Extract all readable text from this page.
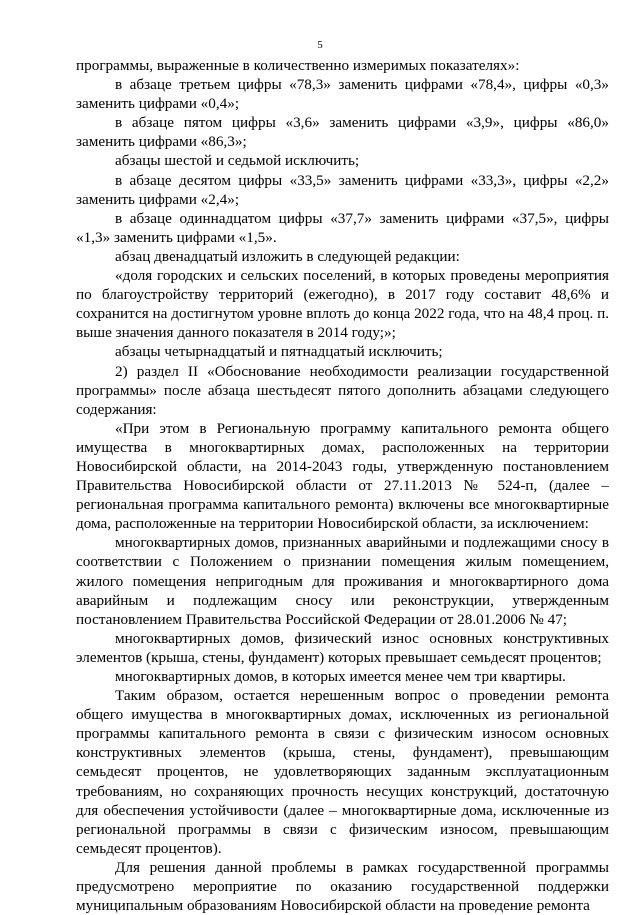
5

программы, выраженные в количественно измеримых показателях»:

в абзаце третьем цифры «78,3» заменить цифрами «78,4», цифры «0,3» заменить цифрами «0,4»;

в абзаце пятом цифры «3,6» заменить цифрами «3,9», цифры «86,0» заменить цифрами «86,3»;

абзацы шестой и седьмой исключить;

в абзаце десятом цифры «33,5» заменить цифрами «33,3», цифры «2,2» заменить цифрами «2,4»;

в абзаце одиннадцатом цифры «37,7» заменить цифрами «37,5», цифры «1,3» заменить цифрами «1,5».

абзац двенадцатый изложить в следующей редакции:

«доля городских и сельских поселений, в которых проведены мероприятия по благоустройству территорий (ежегодно), в 2017 году составит 48,6% и сохранится на достигнутом уровне вплоть до конца 2022 года, что на 48,4 проц. п. выше значения данного показателя в 2014 году;»;

абзацы четырнадцатый и пятнадцатый исключить;

2) раздел II «Обоснование необходимости реализации государственной программы» после абзаца шестьдесят пятого дополнить абзацами следующего содержания:

«При этом в Региональную программу капитального ремонта общего имущества в многоквартирных домах, расположенных на территории Новосибирской области, на 2014-2043 годы, утвержденную постановлением Правительства Новосибирской области от 27.11.2013 № 524-п, (далее – региональная программа капитального ремонта) включены все многоквартирные дома, расположенные на территории Новосибирской области, за исключением:

многоквартирных домов, признанных аварийными и подлежащими сносу в соответствии с Положением о признании помещения жилым помещением, жилого помещения непригодным для проживания и многоквартирного дома аварийным и подлежащим сносу или реконструкции, утвержденным постановлением Правительства Российской Федерации от 28.01.2006 № 47;

многоквартирных домов, физический износ основных конструктивных элементов (крыша, стены, фундамент) которых превышает семьдесят процентов;

многоквартирных домов, в которых имеется менее чем три квартиры.

Таким образом, остается нерешенным вопрос о проведении ремонта общего имущества в многоквартирных домах, исключенных из региональной программы капитального ремонта в связи с физическим износом основных конструктивных элементов (крыша, стены, фундамент), превышающим семьдесят процентов, не удовлетворяющих заданным эксплуатационным требованиям, но сохраняющих прочность несущих конструкций, достаточную для обеспечения устойчивости (далее – многоквартирные дома, исключенные из региональной программы в связи с физическим износом, превышающим семьдесят процентов).

Для решения данной проблемы в рамках государственной программы предусмотрено мероприятие по оказанию государственной поддержки муниципальным образованиям Новосибирской области на проведение ремонта
